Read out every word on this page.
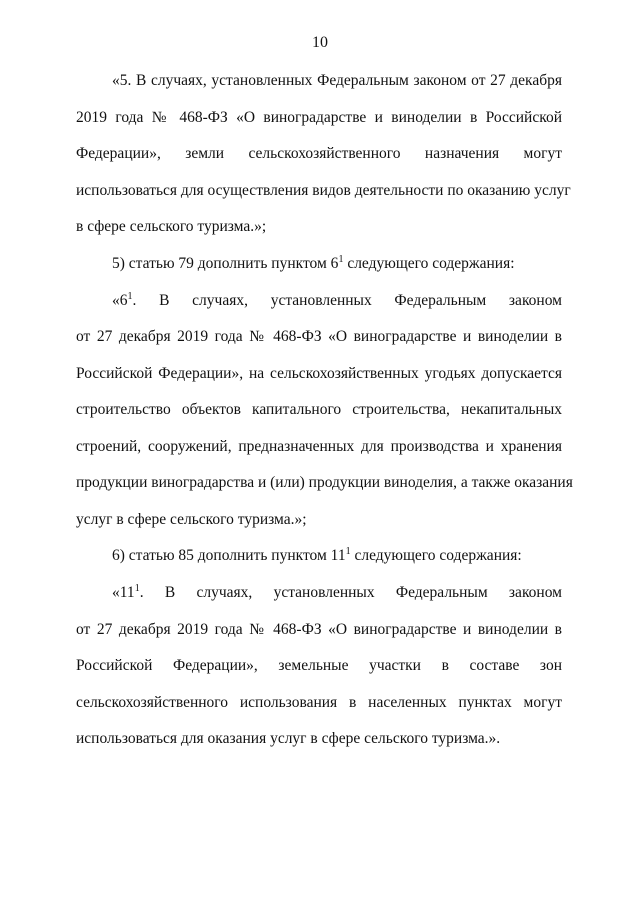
10
«5. В случаях, установленных Федеральным законом от 27 декабря
2019 года № 468-ФЗ «О виноградарстве и виноделии в Российской
Федерации», земли сельскохозяйственного назначения могут
использоваться для осуществления видов деятельности по оказанию услуг
в сфере сельского туризма.»;
5) статью 79 дополнить пунктом $6^1$ следующего содержания:
«$6^1$. В случаях, установленных Федеральным законом
от 27 декабря 2019 года № 468-ФЗ «О виноградарстве и виноделии в
Российской Федерации», на сельскохозяйственных угодьях допускается
строительство объектов капитального строительства, некапитальных
строений, сооружений, предназначенных для производства и хранения
продукции виноградарства и (или) продукции виноделия, а также оказания
услуг в сфере сельского туризма.»;
6) статью 85 дополнить пунктом $11^1$ следующего содержания:
«$11^1$. В случаях, установленных Федеральным законом
от 27 декабря 2019 года № 468-ФЗ «О виноградарстве и виноделии в
Российской Федерации», земельные участки в составе зон
сельскохозяйственного использования в населенных пунктах могут
использоваться для оказания услуг в сфере сельского туризма.».
